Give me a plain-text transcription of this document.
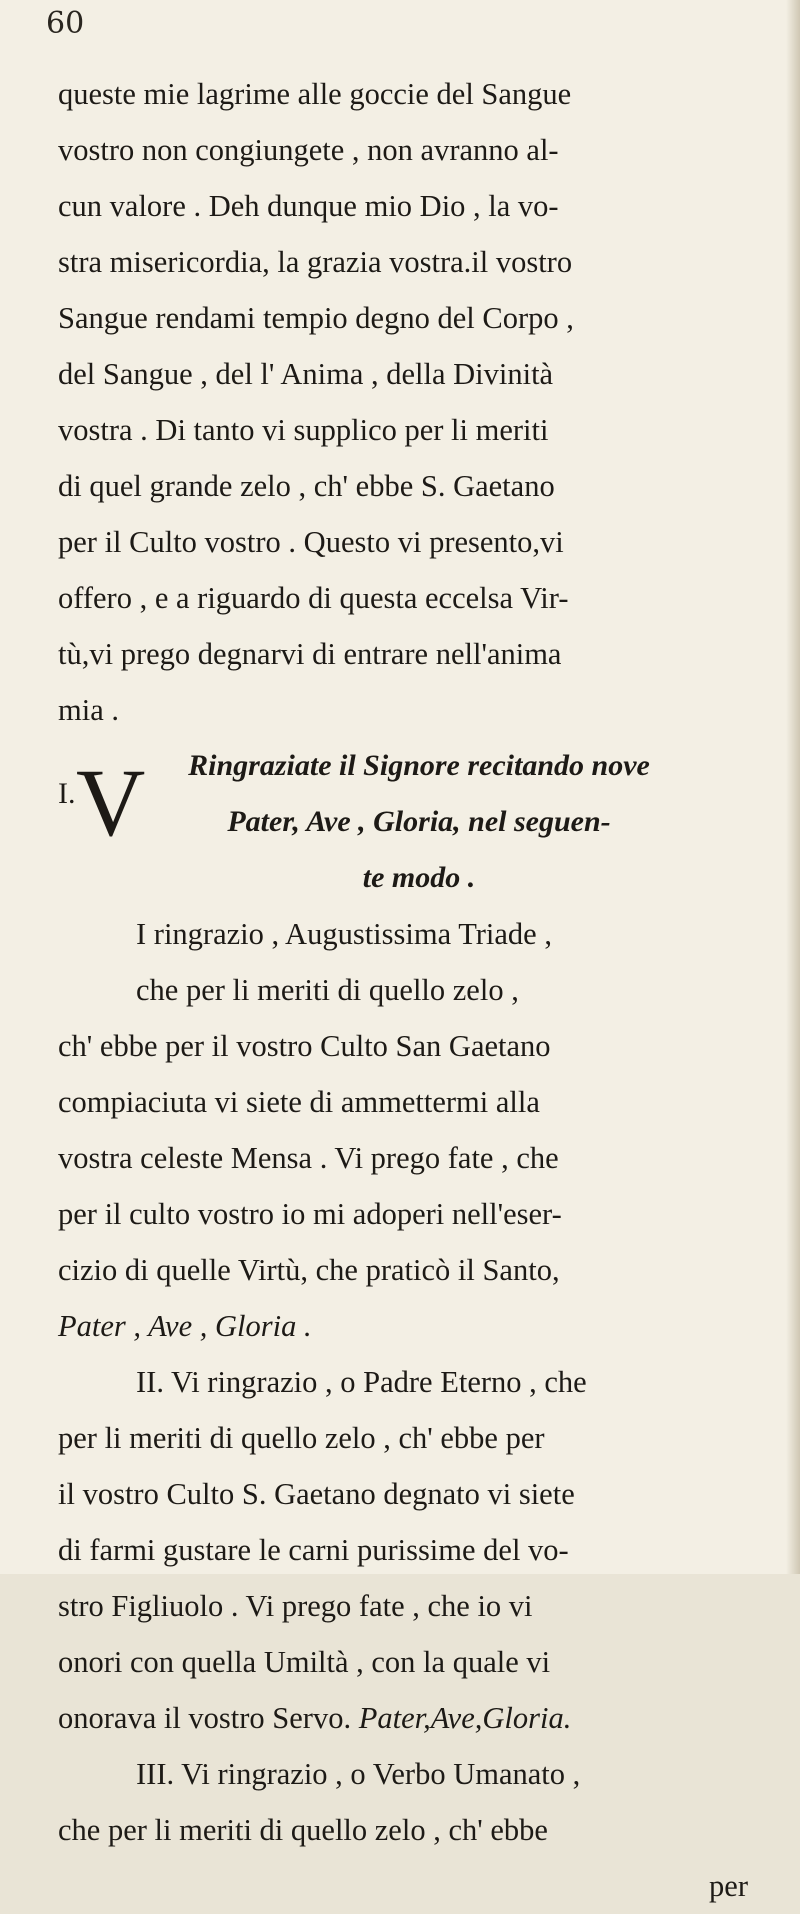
60
I. V
queste mie lagrime alle goccie del Sangue
vostro non congiungete , non avranno al-
cun valore . Deh dunque mio Dio , la vo-
stra misericordia, la grazia vostra.il vostro
Sangue rendami tempio degno del Corpo ,
del Sangue , del l' Anima , della Divinità
vostra . Di tanto vi supplico per li meriti
di quel grande zelo , ch' ebbe S. Gaetano
per il Culto vostro . Questo vi presento,vi
offero , e a riguardo di questa eccelsa Vir-
tù,vi prego degnarvi di entrare nell'anima
mia .
Ringraziate il Signore recitando nove
Pater, Ave , Gloria, nel seguen-
te modo .
I ringrazio , Augustissima Triade ,
che per li meriti di quello zelo ,
ch' ebbe per il vostro Culto San Gaetano
compiaciuta vi siete di ammettermi alla
vostra celeste Mensa . Vi prego fate , che
per il culto vostro io mi adoperi nell'eser-
cizio di quelle Virtù, che praticò il Santo,
Pater , Ave , Gloria .
II. Vi ringrazio , o Padre Eterno , che
per li meriti di quello zelo , ch' ebbe per
il vostro Culto S. Gaetano degnato vi siete
di farmi gustare le carni purissime del vo-
stro Figliuolo . Vi prego fate , che io vi
onori con quella Umiltà , con la quale vi
onorava il vostro Servo. Pater,Ave,Gloria.
III. Vi ringrazio , o Verbo Umanato ,
che per li meriti di quello zelo , ch' ebbe
per
